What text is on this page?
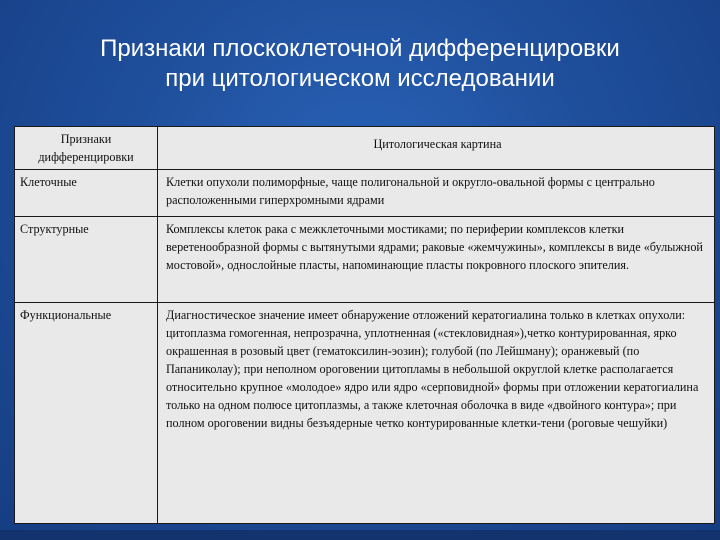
Признаки плоскоклеточной дифференцировки
при цитологическом исследовании
Признаки дифференцировки	Цитологическая картина
Клеточные	Клетки опухоли полиморфные, чаще полигональной и округло-овальной формы с центрально расположенными гиперхромными ядрами
Структурные	Комплексы клеток рака с межклеточными мостиками; по периферии комплексов клетки веретенообразной формы с вытянутыми ядрами; раковые «жемчужины», комплексы в виде «булыжной мостовой», однослойные пласты, напоминающие пласты покровного плоского эпителия.
Функциональные	Диагностическое значение имеет обнаружение отложений кератогиалина только в клетках опухоли: цитоплазма гомогенная, непрозрачна, уплотненная («стекловидная»),четко контурированная, ярко окрашенная в розовый цвет (гематоксилин-эозин); голубой (по Лейшману); оранжевый (по Папаниколау); при неполном ороговении цитопламы в небольшой округлой клетке располагается относительно крупное «молодое» ядро или ядро «серповидной» формы при отложении кератогиалина только на одном полюсе цитоплазмы, а также клеточная оболочка в виде «двойного контура»; при полном ороговении видны безъядерные четко контурированные клетки-тени (роговые чешуйки)
